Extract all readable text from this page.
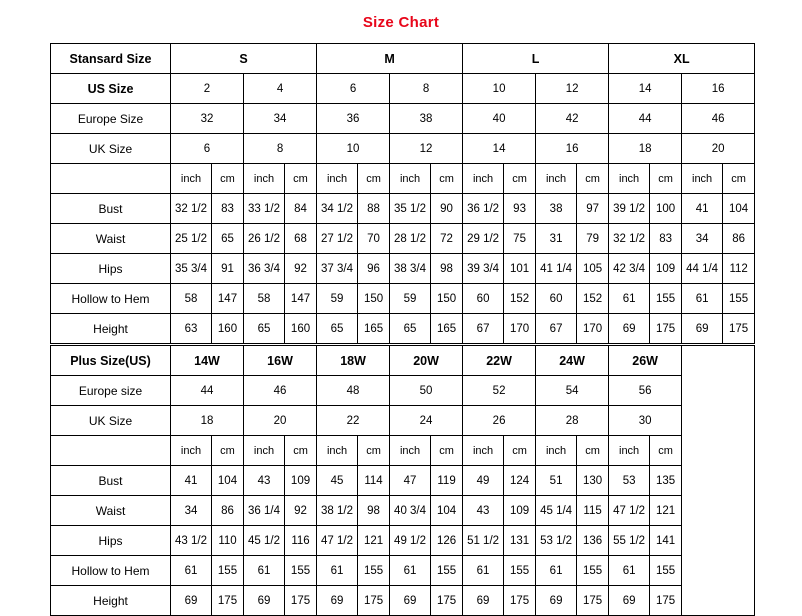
Size Chart
Stansard Size	S				M				L				XL			
US Size	2		4		6		8		10		12		14		16	
Europe Size	32		34		36		38		40		42		44		46	
UK Size	6		8		10		12		14		16		18		20	
	inch	cm	inch	cm	inch	cm	inch	cm	inch	cm	inch	cm	inch	cm	inch	cm
Bust	32 1/2	83	33 1/2	84	34 1/2	88	35 1/2	90	36 1/2	93	38	97	39 1/2	100	41	104
Waist	25 1/2	65	26 1/2	68	27 1/2	70	28 1/2	72	29 1/2	75	31	79	32 1/2	83	34	86
Hips	35 3/4	91	36 3/4	92	37 3/4	96	38 3/4	98	39 3/4	101	41 1/4	105	42 3/4	109	44 1/4	112
Hollow to Hem	58	147	58	147	59	150	59	150	60	152	60	152	61	155	61	155
Height	63	160	65	160	65	165	65	165	67	170	67	170	69	175	69	175
Plus Size(US)	14W		16W		18W		20W		22W		24W		26W		
Europe size	44		46		48		50		52		54		56		
UK Size	18		20		22		24		26		28		30		
	inch	cm	inch	cm	inch	cm	inch	cm	inch	cm	inch	cm	inch	cm	
Bust	41	104	43	109	45	114	47	119	49	124	51	130	53	135	
Waist	34	86	36 1/4	92	38 1/2	98	40 3/4	104	43	109	45 1/4	115	47 1/2	121	
Hips	43 1/2	110	45 1/2	116	47 1/2	121	49 1/2	126	51 1/2	131	53 1/2	136	55 1/2	141	
Hollow to Hem	61	155	61	155	61	155	61	155	61	155	61	155	61	155	
Height	69	175	69	175	69	175	69	175	69	175	69	175	69	175	
